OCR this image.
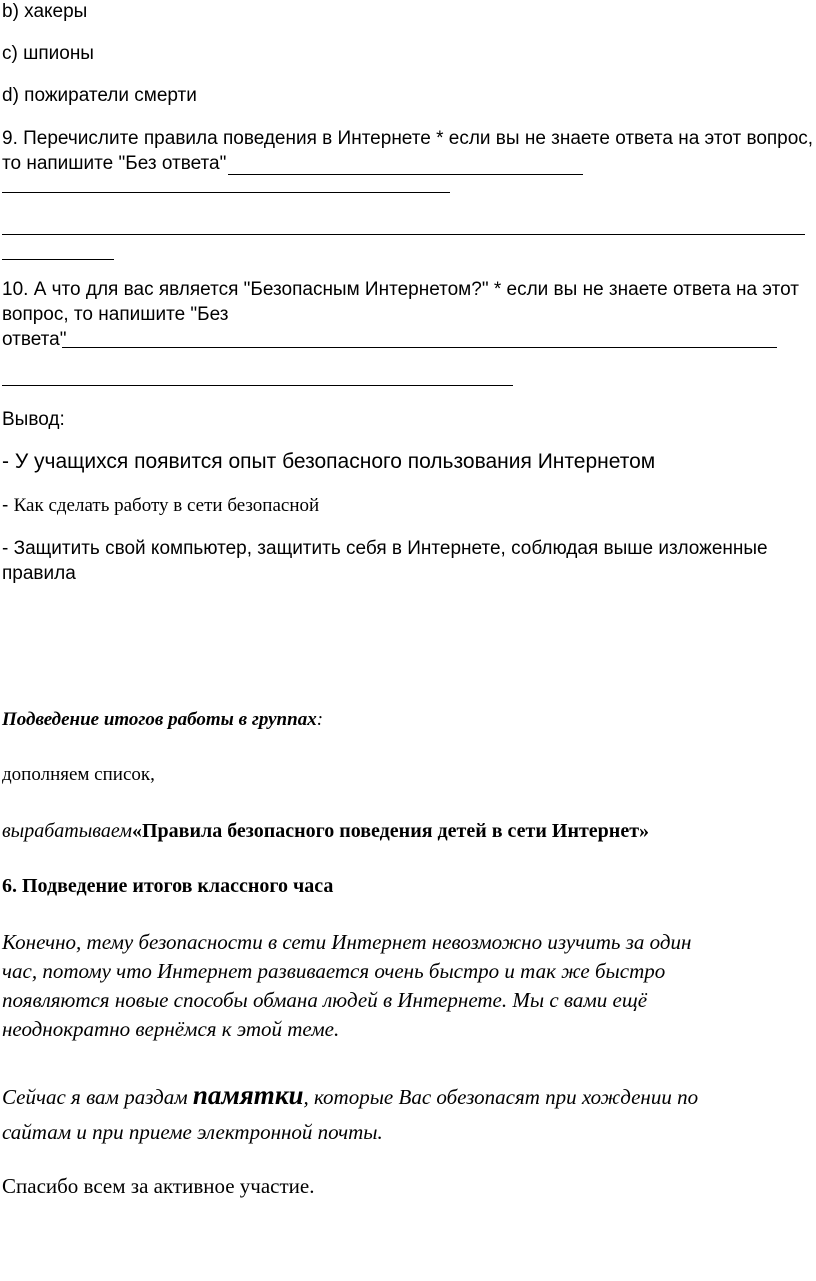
b) хакеры

c) шпионы

d) пожиратели смерти

9. Перечислите правила поведения в Интернете * если вы не знаете ответа на этот вопрос,

то напишите "Без ответа"

10. А что для вас является "Безопасным Интернетом?" * если вы не знаете ответа на этот

вопрос, то напишите "Без

ответа"

Вывод:

- У учащихся появится опыт безопасного пользования Интернетом

- Как сделать работу в сети безопасной

- Защитить свой компьютер, защитить себя в Интернете, соблюдая выше изложенные

правила

Подведение итогов работы в группах:

дополняем список,

вырабатываем«Правила безопасного поведения детей в сети Интернет»

6. Подведение итогов классного часа

Конечно, тему безопасности в сети Интернет невозможно изучить за один

час, потому что Интернет развивается очень быстро и так же быстро

появляются новые способы обмана людей в Интернете. Мы с вами ещё

неоднократно вернёмся к этой теме.

Сейчас я вам раздам памятки, которые Вас обезопасят при хождении по

сайтам и при приеме электронной почты.

Спасибо всем за активное участие.
